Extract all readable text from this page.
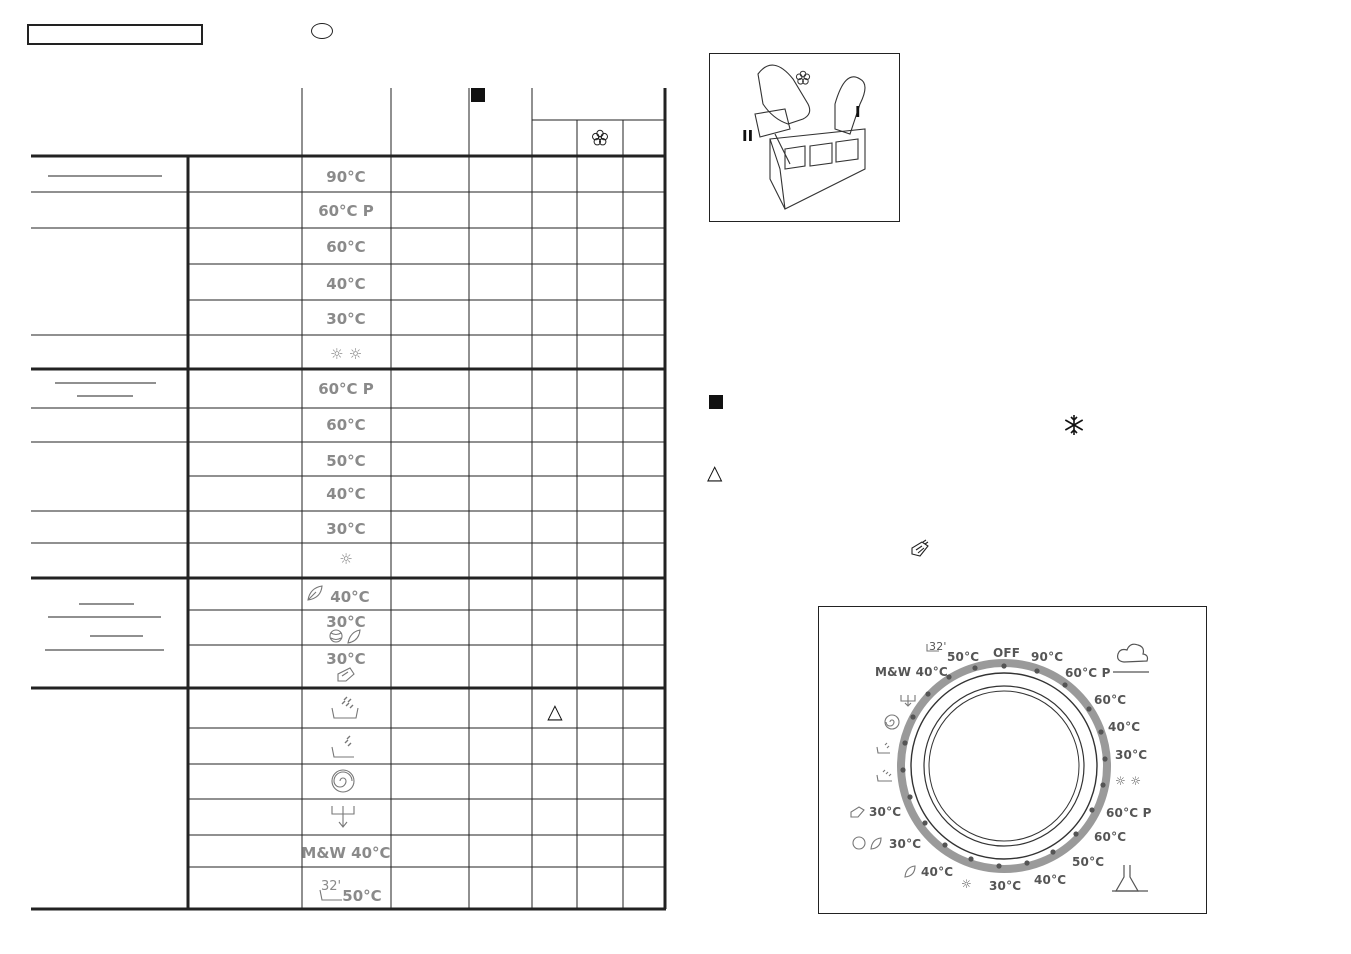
90°C
60°C P
60°C
40°C
30°C
☼ ☼
60°C P
60°C
50°C
40°C
30°C
☼
40°C
30°C
30°C
M&W 40°C
50°C
32'
△
I
II
△
OFF 90°C
60°C P
60°C
40°C
30°C
☼ ☼
60°C P
60°C
50°C
40°C
30°C
☼
40°C
30°C
30°C
M&W 40°C
50°C
32'
